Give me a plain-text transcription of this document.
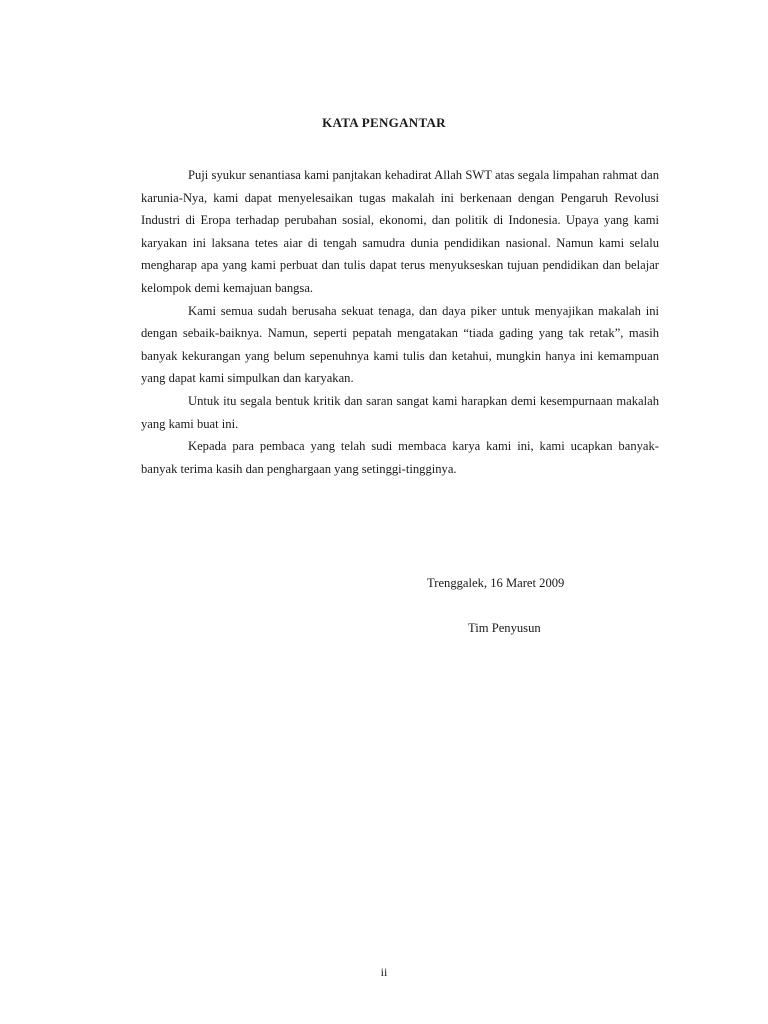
KATA PENGANTAR

Puji syukur senantiasa kami panjtakan kehadirat Allah SWT atas segala limpahan rahmat dan karunia-Nya, kami dapat menyelesaikan tugas makalah ini berkenaan dengan Pengaruh Revolusi Industri di Eropa terhadap perubahan sosial, ekonomi, dan politik di Indonesia. Upaya yang kami karyakan ini laksana tetes aiar di tengah samudra dunia pendidikan nasional. Namun kami selalu mengharap apa yang kami perbuat dan tulis dapat terus menyukseskan tujuan pendidikan dan belajar kelompok demi kemajuan bangsa.

Kami semua sudah berusaha sekuat tenaga, dan daya piker untuk menyajikan makalah ini dengan sebaik-baiknya. Namun, seperti pepatah mengatakan “tiada gading yang tak retak”, masih banyak kekurangan yang belum sepenuhnya kami tulis dan ketahui, mungkin hanya ini kemampuan yang dapat kami simpulkan dan karyakan.

Untuk itu segala bentuk kritik dan saran sangat kami harapkan demi kesempurnaan makalah yang kami buat ini.

Kepada para pembaca yang telah sudi membaca karya kami ini, kami ucapkan banyak-banyak terima kasih dan penghargaan yang setinggi-tingginya.

Trenggalek, 16 Maret 2009
Tim Penyusun
ii
